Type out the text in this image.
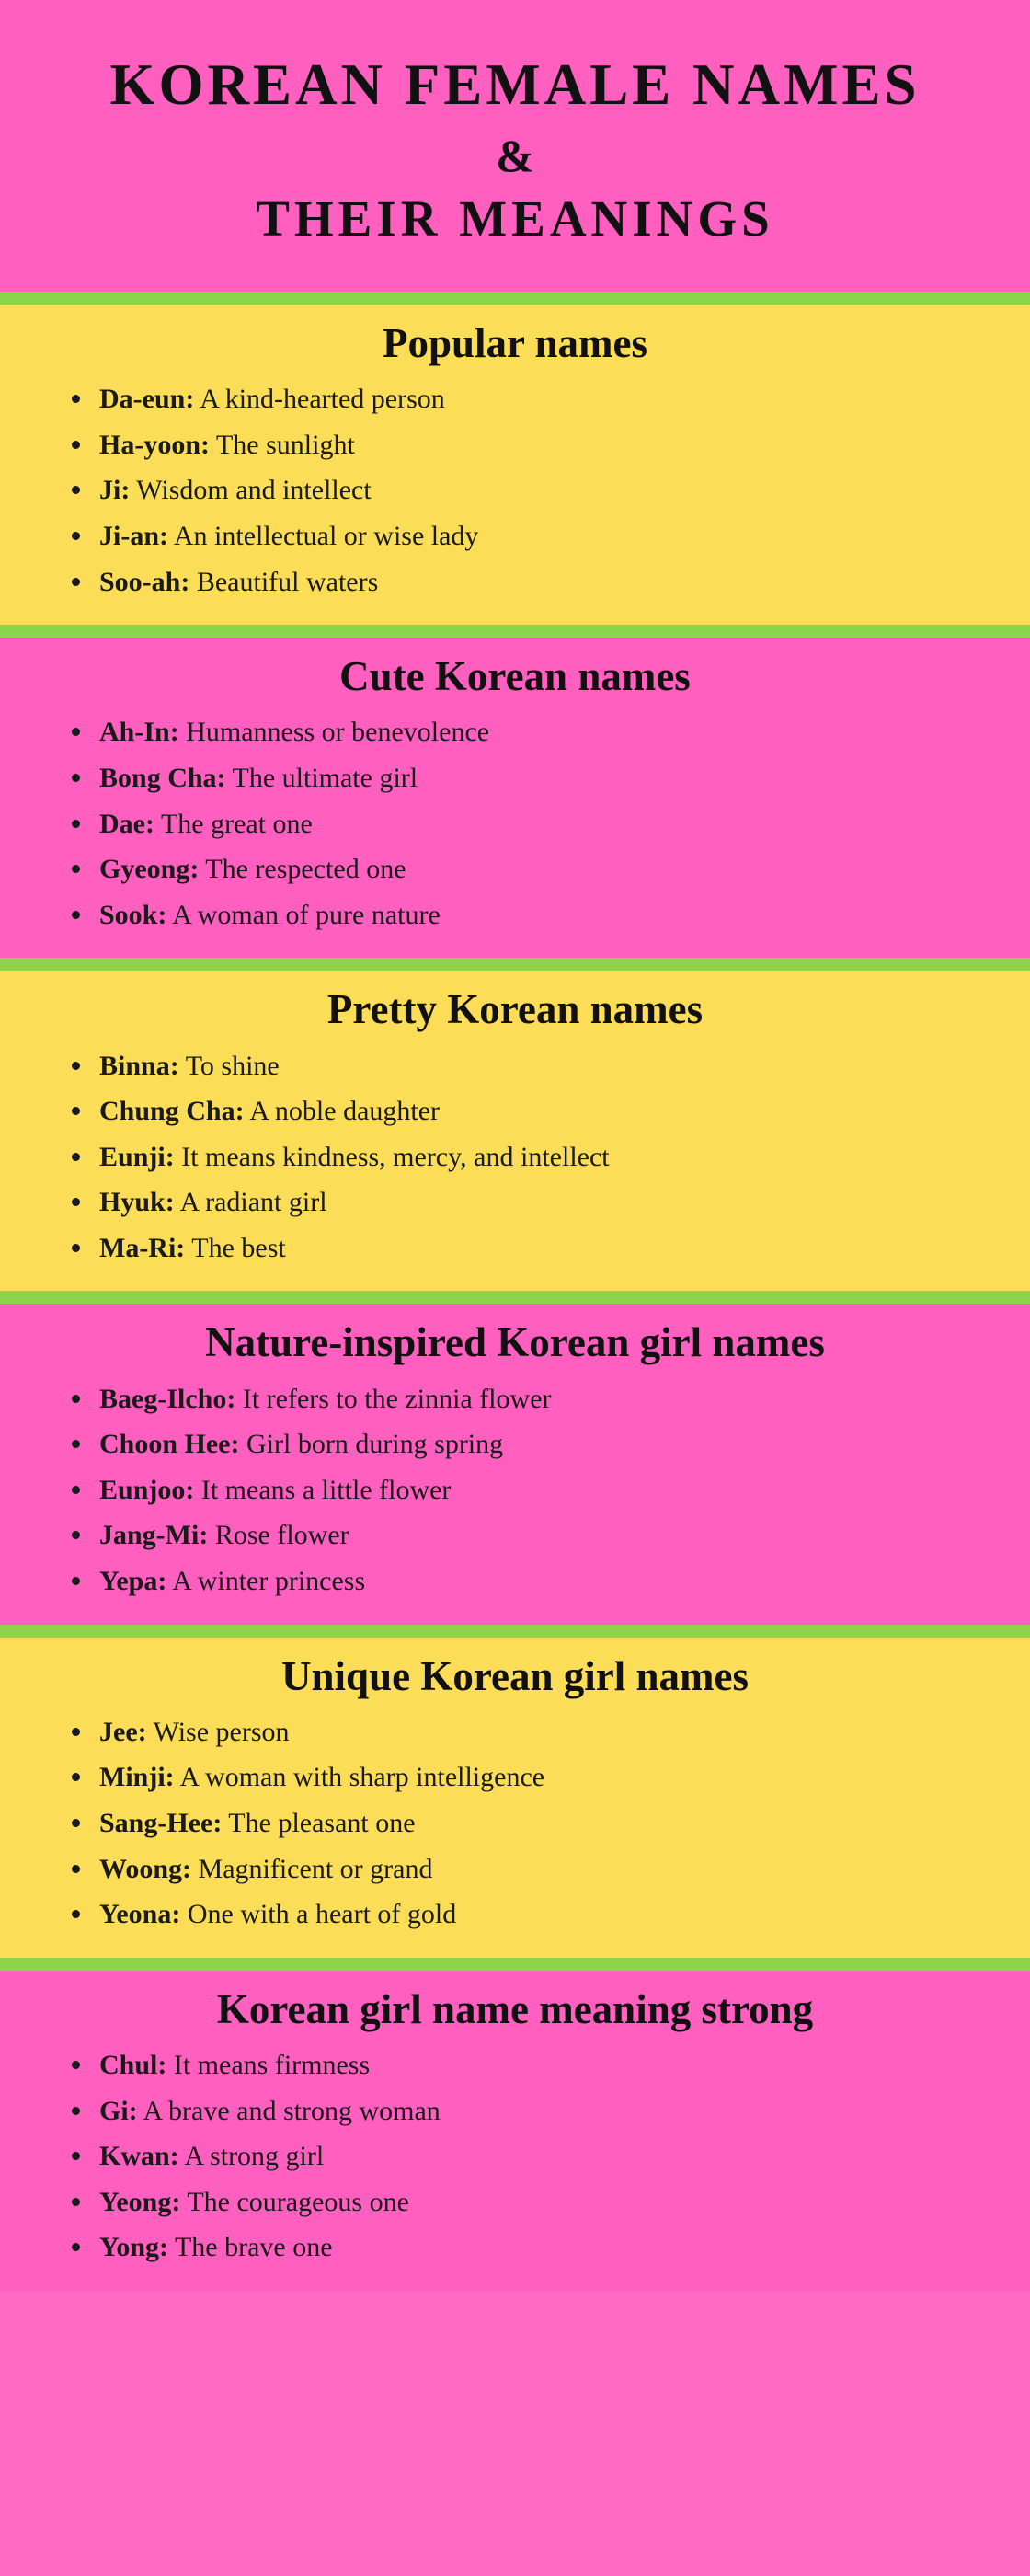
KOREAN FEMALE NAMES
&
THEIR MEANINGS
Popular names
Da-eun: A kind-hearted person
Ha-yoon: The sunlight
Ji: Wisdom and intellect
Ji-an: An intellectual or wise lady
Soo-ah: Beautiful waters
Cute Korean names
Ah-In: Humanness or benevolence
Bong Cha: The ultimate girl
Dae: The great one
Gyeong: The respected one
Sook: A woman of pure nature
Pretty Korean names
Binna: To shine
Chung Cha: A noble daughter
Eunji: It means kindness, mercy, and intellect
Hyuk: A radiant girl
Ma-Ri: The best
Nature-inspired Korean girl names
Baeg-Ilcho: It refers to the zinnia flower
Choon Hee: Girl born during spring
Eunjoo: It means a little flower
Jang-Mi: Rose flower
Yepa: A winter princess
Unique Korean girl names
Jee: Wise person
Minji: A woman with sharp intelligence
Sang-Hee: The pleasant one
Woong: Magnificent or grand
Yeona: One with a heart of gold
Korean girl name meaning strong
Chul: It means firmness
Gi: A brave and strong woman
Kwan: A strong girl
Yeong: The courageous one
Yong: The brave one
